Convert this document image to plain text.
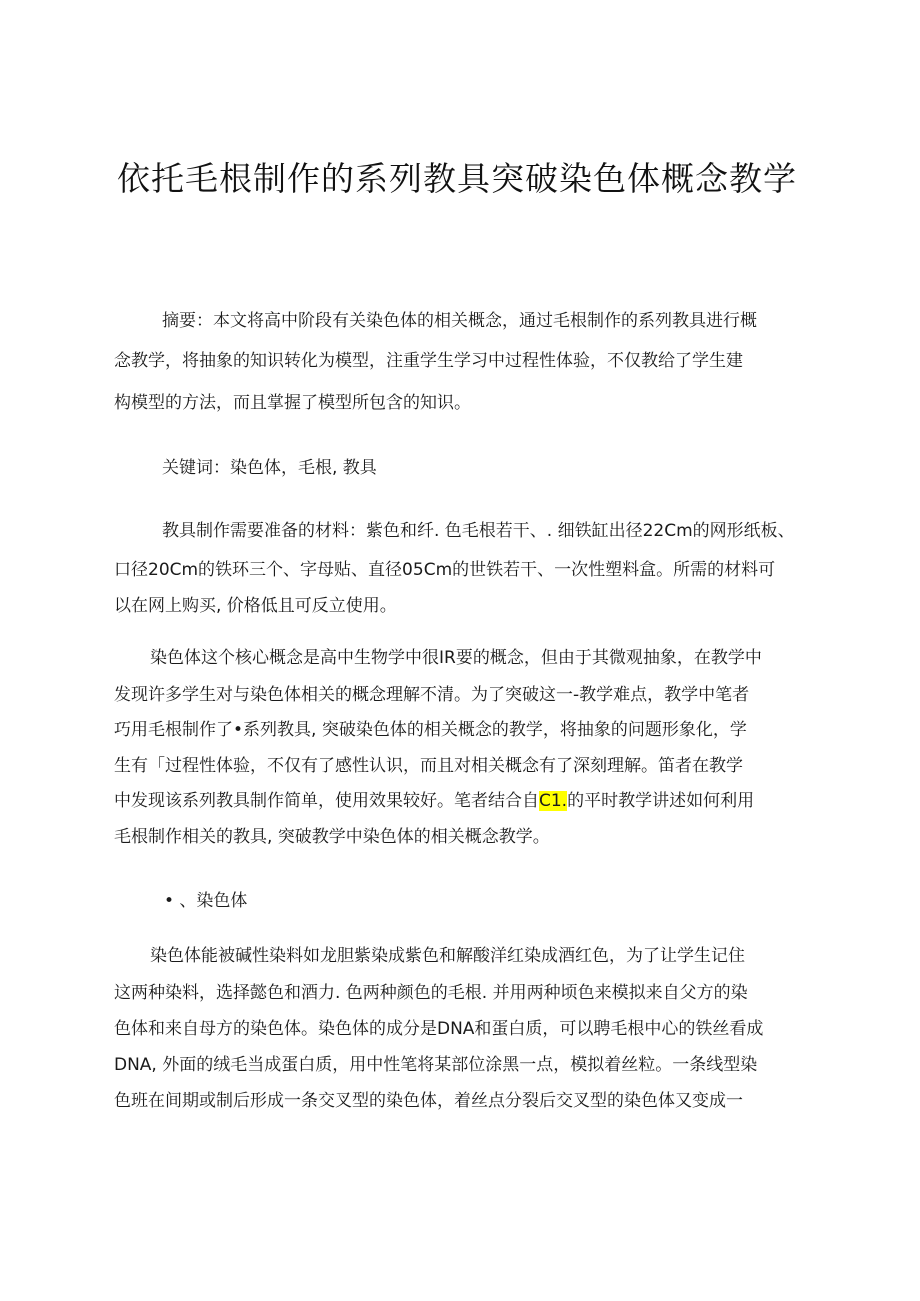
依托毛根制作的系列教具突破染色体概念教学
摘要：本文将高中阶段有关染色体的相关概念，通过毛根制作的系列教具进行概
念教学，将抽象的知识转化为模型，注重学生学习中过程性体验，不仅教给了学生建
构模型的方法，而且掌握了模型所包含的知识。
关键词：染色体，毛根, 教具
教具制作需要准备的材料：紫色和纤. 色毛根若干、. 细铁缸出径22Cm的网形纸板、
口径20Cm的铁环三个、字母贴、直径05Cm的世铁若干、一次性塑料盒。所需的材料可
以在网上购买, 价格低且可反立使用。
染色体这个核心概念是高中生物学中很IR要的概念，但由于其微观抽象，在教学中
发现许多学生对与染色体相关的概念理解不清。为了突破这一-教学难点，教学中笔者
巧用毛根制作了•系列教具, 突破染色体的相关概念的教学，将抽象的问题形象化，学
生有「过程性体验，不仅有了感性认识，而且对相关概念有了深刻理解。笛者在教学
中发现该系列教具制作简单，使用效果较好。笔者结合自C1.的平时教学讲述如何利用
毛根制作相关的教具, 突破教学中染色体的相关概念教学。
• 、染色体
染色体能被碱性染料如龙胆紫染成紫色和解酸洋红染成酒红色，为了让学生记住
这两种染料，选择懿色和酒力. 色两种颜色的毛根. 并用两种顷色来模拟来自父方的染
色体和来自母方的染色体。染色体的成分是DNA和蛋白质，可以聘毛根中心的铁丝看成
DNA, 外面的绒毛当成蛋白质，用中性笔将某部位涂黑一点，模拟着丝粒。一条线型染
色班在间期或制后形成一条交叉型的染色体，着丝点分裂后交叉型的染色体又变成一
